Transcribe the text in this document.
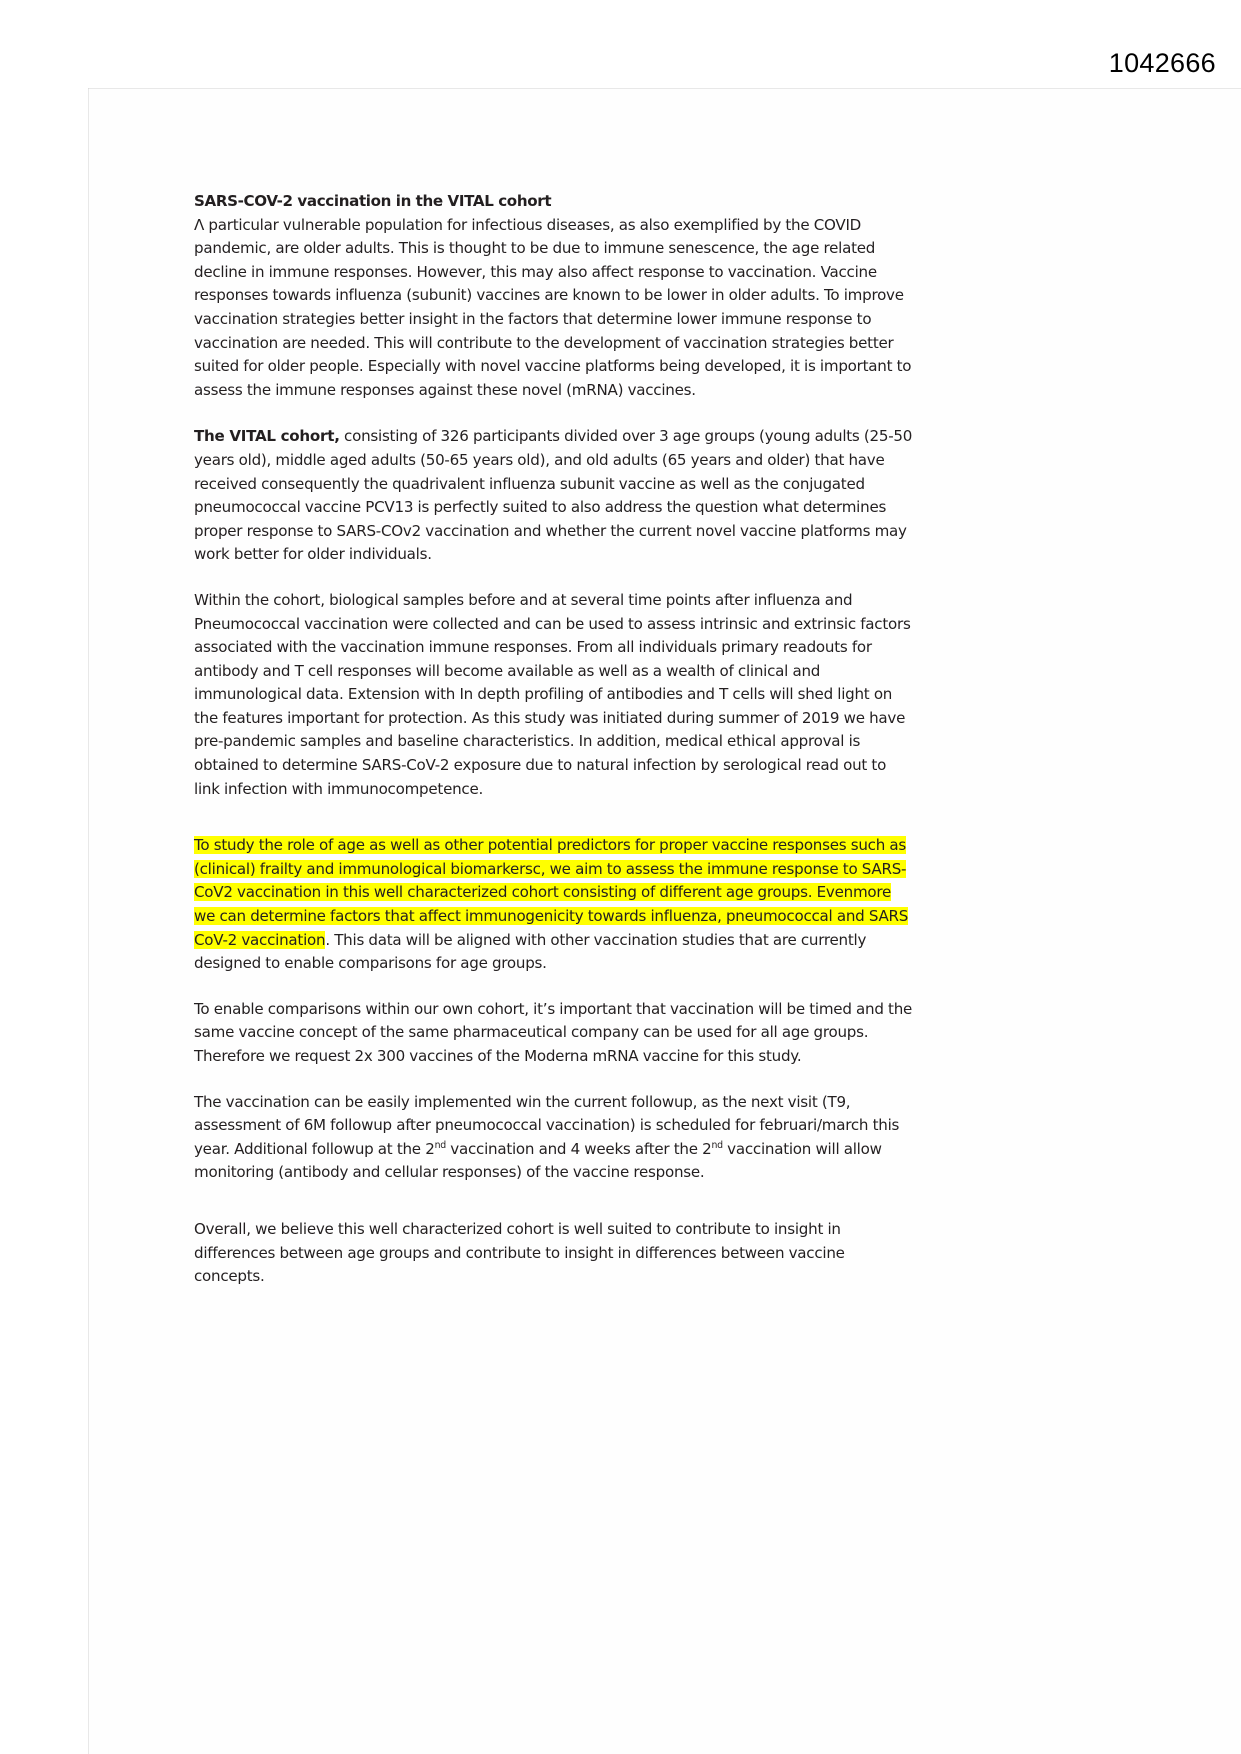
1042666

SARS-COV-2 vaccination in the VITAL cohort
Λ particular vulnerable population for infectious diseases, as also exemplified by the COVID pandemic, are older adults. This is thought to be due to immune senescence, the age related decline in immune responses. However, this may also affect response to vaccination. Vaccine responses towards influenza (subunit) vaccines are known to be lower in older adults. To improve vaccination strategies better insight in the factors that determine lower immune response to vaccination are needed. This will contribute to the development of vaccination strategies better suited for older people. Especially with novel vaccine platforms being developed, it is important to assess the immune responses against these novel (mRNA) vaccines.

The VITAL cohort, consisting of 326 participants divided over 3 age groups (young adults (25-50 years old), middle aged adults (50-65 years old), and old adults (65 years and older) that have received consequently the quadrivalent influenza subunit vaccine as well as the conjugated pneumococcal vaccine PCV13 is perfectly suited to also address the question what determines proper response to SARS-COv2 vaccination and whether the current novel vaccine platforms may work better for older individuals.

Within the cohort, biological samples before and at several time points after influenza and Pneumococcal vaccination were collected and can be used to assess intrinsic and extrinsic factors associated with the vaccination immune responses. From all individuals primary readouts for antibody and T cell responses will become available as well as a wealth of clinical and immunological data. Extension with In depth profiling of antibodies and T cells will shed light on the features important for protection. As this study was initiated during summer of 2019 we have pre-pandemic samples and baseline characteristics. In addition, medical ethical approval is obtained to determine SARS-CoV-2 exposure due to natural infection by serological read out to link infection with immunocompetence.

To study the role of age as well as other potential predictors for proper vaccine responses such as (clinical) frailty and immunological biomarkersc, we aim to assess the immune response to SARS-CoV2 vaccination in this well characterized cohort consisting of different age groups. Evenmore we can determine factors that affect immunogenicity towards influenza, pneumococcal and SARS CoV-2 vaccination. This data will be aligned with other vaccination studies that are currently designed to enable comparisons for age groups.

To enable comparisons within our own cohort, it’s important that vaccination will be timed and the same vaccine concept of the same pharmaceutical company can be used for all age groups. Therefore we request 2x 300 vaccines of the Moderna mRNA vaccine for this study.

The vaccination can be easily implemented win the current followup, as the next visit (T9, assessment of 6M followup after pneumococcal vaccination) is scheduled for februari/march this year. Additional followup at the 2nd vaccination and 4 weeks after the 2nd vaccination will allow monitoring (antibody and cellular responses) of the vaccine response.

Overall, we believe this well characterized cohort is well suited to contribute to insight in differences between age groups and contribute to insight in differences between vaccine concepts.
